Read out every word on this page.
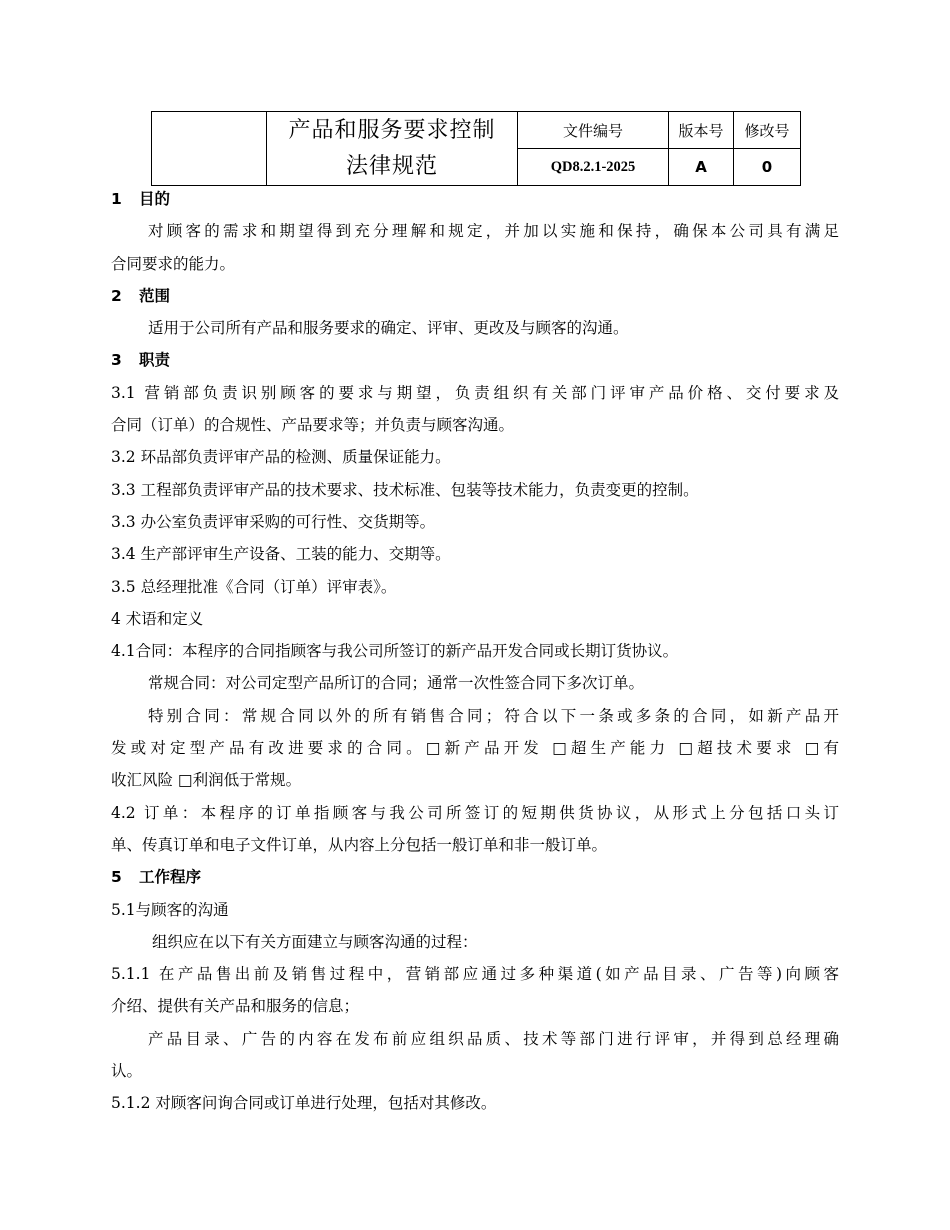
	产品和服务要求控制
法律规范	文件编号	版本号	修改号
		QD8.2.1-2025	A	0
1 目的
对顾客的需求和期望得到充分理解和规定，并加以实施和保持，确保本公司具有满足
合同要求的能力。
2 范围
适用于公司所有产品和服务要求的确定、评审、更改及与顾客的沟通。
3 职责
3.1 营销部负责识别顾客的要求与期望，负责组织有关部门评审产品价格、交付要求及
合同（订单）的合规性、产品要求等；并负责与顾客沟通。
3.2 环品部负责评审产品的检测、质量保证能力。
3.3 工程部负责评审产品的技术要求、技术标准、包装等技术能力，负责变更的控制。
3.3 办公室负责评审采购的可行性、交货期等。
3.4 生产部评审生产设备、工装的能力、交期等。
3.5 总经理批准《合同（订单）评审表》。
4 术语和定义
4.1合同：本程序的合同指顾客与我公司所签订的新产品开发合同或长期订货协议。
常规合同：对公司定型产品所订的合同；通常一次性签合同下多次订单。
特别合同：常规合同以外的所有销售合同；符合以下一条或多条的合同，如新产品开
发或对定型产品有改进要求的合同。□新产品开发 □超生产能力 □超技术要求 □有
收汇风险 □利润低于常规。
4.2 订单：本程序的订单指顾客与我公司所签订的短期供货协议，从形式上分包括口头订
单、传真订单和电子文件订单，从内容上分包括一般订单和非一般订单。
5 工作程序
5.1与顾客的沟通
组织应在以下有关方面建立与顾客沟通的过程：
5.1.1 在产品售出前及销售过程中，营销部应通过多种渠道(如产品目录、广告等)向顾客
介绍、提供有关产品和服务的信息；
产品目录、广告的内容在发布前应组织品质、技术等部门进行评审，并得到总经理确
认。
5.1.2 对顾客问询合同或订单进行处理，包括对其修改。
